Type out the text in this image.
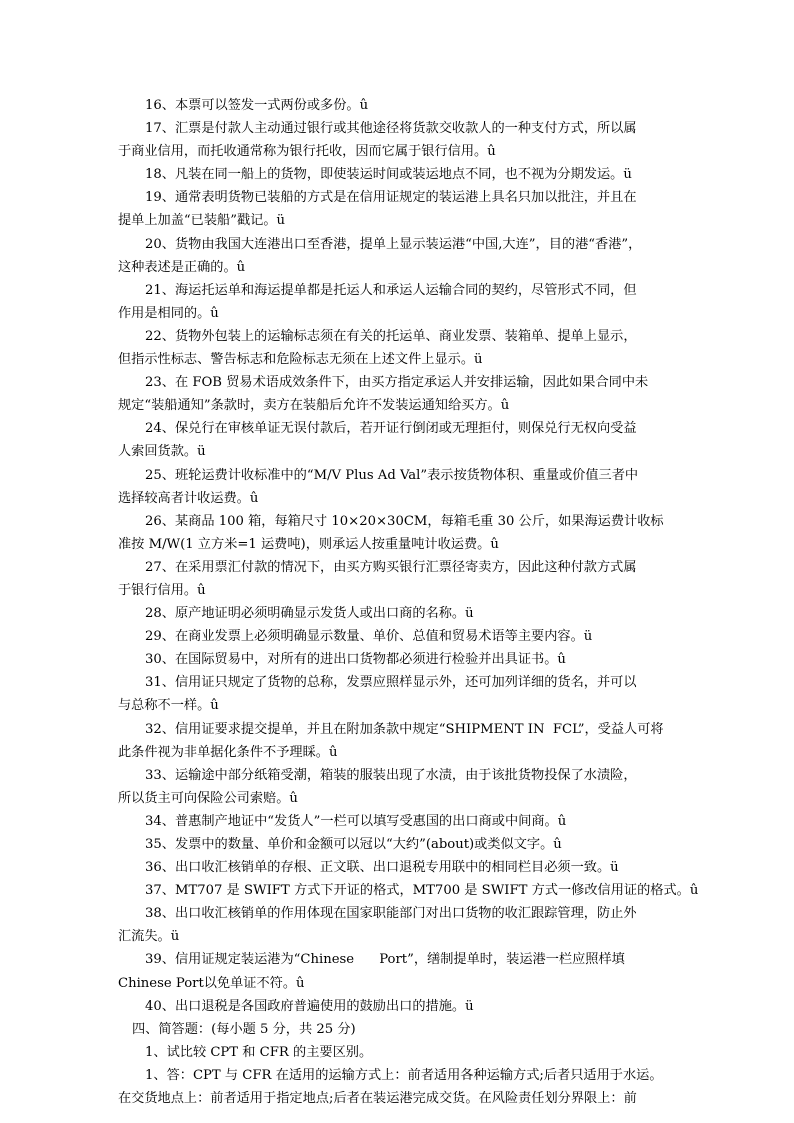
16、本票可以签发一式两份或多份。û
17、汇票是付款人主动通过银行或其他途径将货款交收款人的一种支付方式，所以属
于商业信用，而托收通常称为银行托收，因而它属于银行信用。û
18、凡装在同一船上的货物，即使装运时间或装运地点不同，也不视为分期发运。ü
19、通常表明货物已装船的方式是在信用证规定的装运港上具名只加以批注，并且在
提单上加盖“已装船”戳记。ü
20、货物由我国大连港出口至香港，提单上显示装运港“中国,大连”，目的港“香港”，
这种表述是正确的。û
21、海运托运单和海运提单都是托运人和承运人运输合同的契约，尽管形式不同，但
作用是相同的。û
22、货物外包装上的运输标志须在有关的托运单、商业发票、装箱单、提单上显示，
但指示性标志、警告标志和危险标志无须在上述文件上显示。ü
23、在 FOB 贸易术语成效条件下，由买方指定承运人并安排运输，因此如果合同中未
规定“装船通知”条款时，卖方在装船后允许不发装运通知给买方。û
24、保兑行在审核单证无误付款后，若开证行倒闭或无理拒付，则保兑行无权向受益
人索回货款。ü
25、班轮运费计收标准中的“M/V Plus Ad Val”表示按货物体积、重量或价值三者中
选择较高者计收运费。û
26、某商品 100 箱，每箱尺寸 10×20×30CM，每箱毛重 30 公斤，如果海运费计收标
准按 M/W(1 立方米=1 运费吨)，则承运人按重量吨计收运费。û
27、在采用票汇付款的情况下，由买方购买银行汇票径寄卖方，因此这种付款方式属
于银行信用。û
28、原产地证明必须明确显示发货人或出口商的名称。ü
29、在商业发票上必须明确显示数量、单价、总值和贸易术语等主要内容。ü
30、在国际贸易中，对所有的进出口货物都必须进行检验并出具证书。û
31、信用证只规定了货物的总称，发票应照样显示外，还可加列详细的货名，并可以
与总称不一样。û
32、信用证要求提交提单，并且在附加条款中规定“SHIPMENT IN  FCL”，受益人可将
此条件视为非单据化条件不予理睬。û
33、运输途中部分纸箱受潮，箱装的服装出现了水渍，由于该批货物投保了水渍险，
所以货主可向保险公司索赔。û
34、普惠制产地证中“发货人”一栏可以填写受惠国的出口商或中间商。û
35、发票中的数量、单价和金额可以冠以“大约”(about)或类似文字。û
36、出口收汇核销单的存根、正文联、出口退税专用联中的相同栏目必须一致。ü
37、MT707 是 SWIFT 方式下开证的格式，MT700 是 SWIFT 方式一修改信用证的格式。û
38、出口收汇核销单的作用体现在国家职能部门对出口货物的收汇跟踪管理，防止外
汇流失。ü
39、信用证规定装运港为“Chinese      Port”，缮制提单时，装运港一栏应照样填
Chinese Port以免单证不符。û
40、出口退税是各国政府普遍使用的鼓励出口的措施。ü
四、简答题：(每小题 5 分，共 25 分)
1、试比较 CPT 和 CFR 的主要区别。
1、答：CPT 与 CFR 在适用的运输方式上：前者适用各种运输方式;后者只适用于水运。
在交货地点上：前者适用于指定地点;后者在装运港完成交货。在风险责任划分界限上：前
